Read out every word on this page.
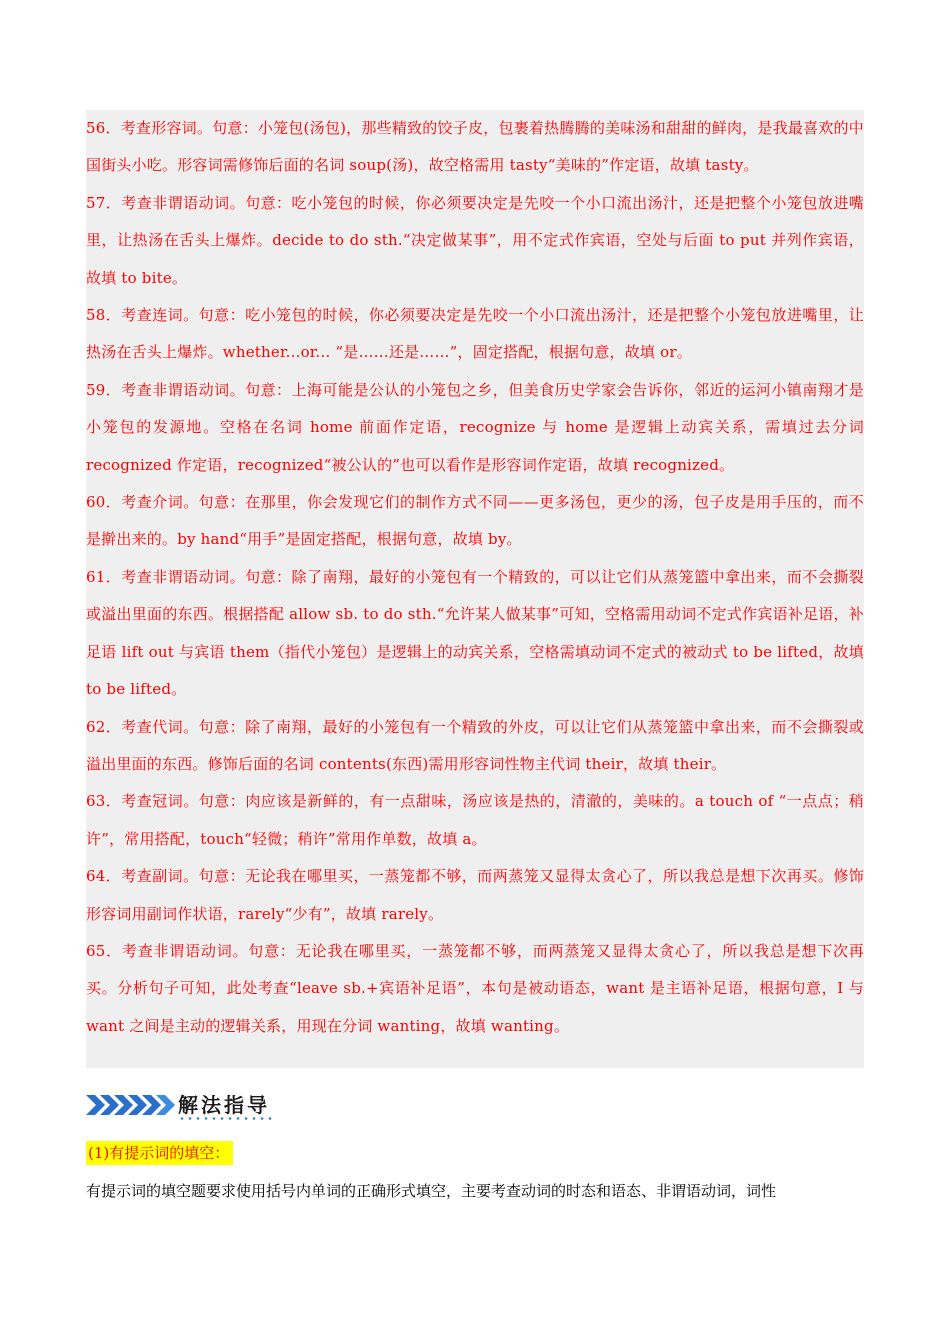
56．考查形容词。句意：小笼包(汤包)，那些精致的饺子皮，包裹着热腾腾的美味汤和甜甜的鲜肉，是我最喜欢的中国街头小吃。形容词需修饰后面的名词 soup(汤)，故空格需用 tasty“美味的”作定语，故填 tasty。

57．考查非谓语动词。句意：吃小笼包的时候，你必须要决定是先咬一个小口流出汤汁，还是把整个小笼包放进嘴里，让热汤在舌头上爆炸。decide to do sth.“决定做某事”，用不定式作宾语，空处与后面 to put 并列作宾语，故填 to bite。

58．考查连词。句意：吃小笼包的时候，你必须要决定是先咬一个小口流出汤汁，还是把整个小笼包放进嘴里，让热汤在舌头上爆炸。whether...or... “是……还是……”，固定搭配，根据句意，故填 or。

59．考查非谓语动词。句意：上海可能是公认的小笼包之乡，但美食历史学家会告诉你，邻近的运河小镇南翔才是小笼包的发源地。空格在名词 home 前面作定语，recognize 与 home 是逻辑上动宾关系，需填过去分词 recognized 作定语，recognized“被公认的”也可以看作是形容词作定语，故填 recognized。

60．考查介词。句意：在那里，你会发现它们的制作方式不同——更多汤包，更少的汤，包子皮是用手压的，而不是擀出来的。by hand“用手”是固定搭配，根据句意，故填 by。

61．考查非谓语动词。句意：除了南翔，最好的小笼包有一个精致的，可以让它们从蒸笼篮中拿出来，而不会撕裂或溢出里面的东西。根据搭配 allow sb. to do sth.“允许某人做某事”可知，空格需用动词不定式作宾语补足语，补足语 lift out 与宾语 them（指代小笼包）是逻辑上的动宾关系，空格需填动词不定式的被动式 to be lifted，故填 to be lifted。

62．考查代词。句意：除了南翔，最好的小笼包有一个精致的外皮，可以让它们从蒸笼篮中拿出来，而不会撕裂或溢出里面的东西。修饰后面的名词 contents(东西)需用形容词性物主代词 their，故填 their。

63．考查冠词。句意：肉应该是新鲜的，有一点甜味，汤应该是热的，清澈的，美味的。a touch of “一点点；稍许”，常用搭配，touch“轻微；稍许”常用作单数，故填 a。

64．考查副词。句意：无论我在哪里买，一蒸笼都不够，而两蒸笼又显得太贪心了，所以我总是想下次再买。修饰形容词用副词作状语，rarely“少有”，故填 rarely。

65．考查非谓语动词。句意：无论我在哪里买，一蒸笼都不够，而两蒸笼又显得太贪心了，所以我总是想下次再买。分析句子可知，此处考查“leave sb.+宾语补足语”，本句是被动语态，want 是主语补足语，根据句意，I 与 want 之间是主动的逻辑关系，用现在分词 wanting，故填 wanting。

解法指导
(1)有提示词的填空：

有提示词的填空题要求使用括号内单词的正确形式填空，主要考查动词的时态和语态、非谓语动词，词性
